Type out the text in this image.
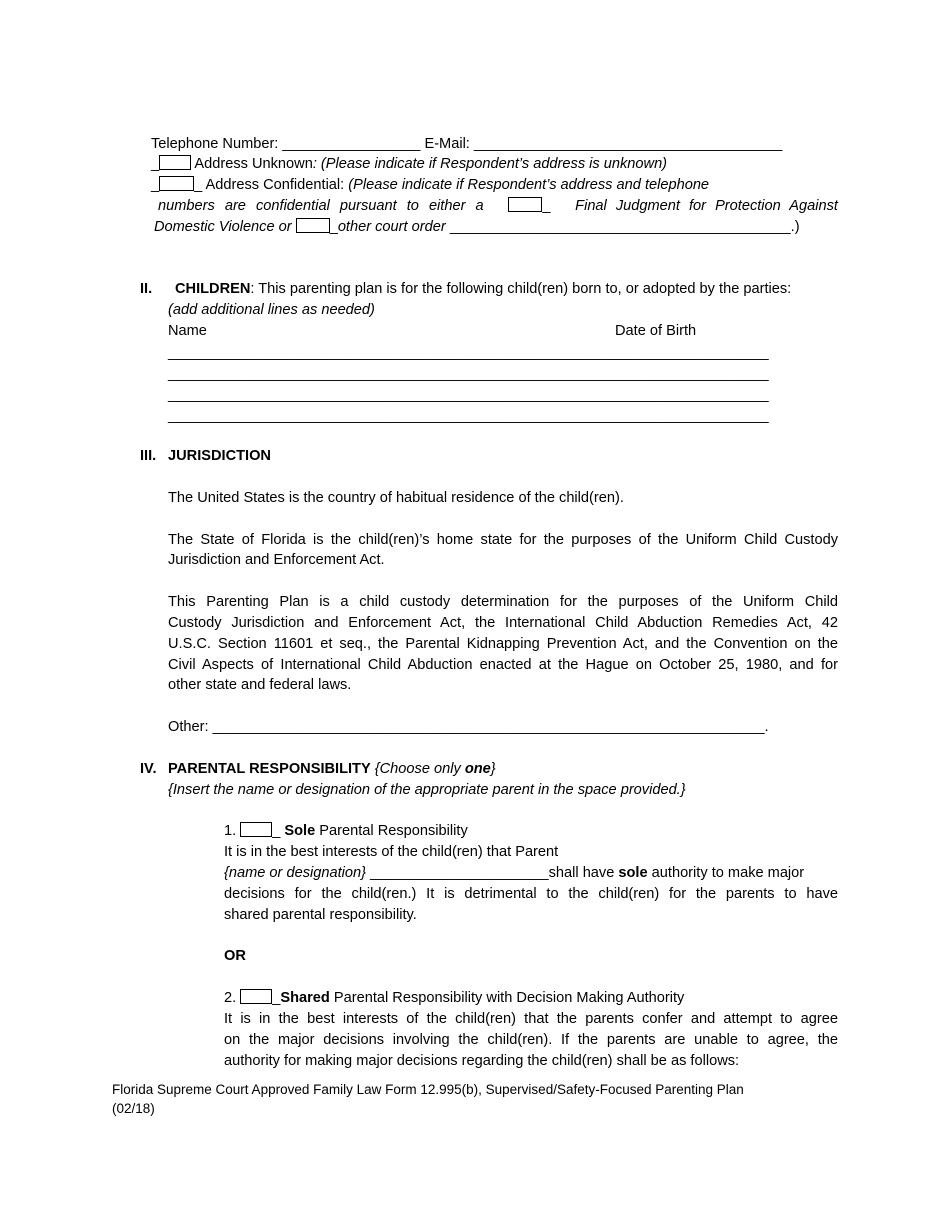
Telephone Number: _________________ E-Mail: ______________________________________
_ Address Unknown: (Please indicate if Respondent’s address is unknown)
_ _ Address Confidential: (Please indicate if Respondent’s address and telephone
numbers are confidential pursuant to either a	_ Final Judgment for Protection Against
Domestic Violence or _other court order __________________________________________.)
II. CHILDREN: This parenting plan is for the following child(ren) born to, or adopted by the parties:
(add additional lines as needed)
Name	Date of Birth
__________________________________________________________________________
__________________________________________________________________________
__________________________________________________________________________
__________________________________________________________________________
III. JURISDICTION
The United States is the country of habitual residence of the child(ren).
The State of Florida is the child(ren)’s home state for the purposes of the Uniform Child Custody
Jurisdiction and Enforcement Act.
This Parenting Plan is a child custody determination for the purposes of the Uniform Child
Custody Jurisdiction and Enforcement Act, the International Child Abduction Remedies Act, 42
U.S.C. Section 11601 et seq., the Parental Kidnapping Prevention Act, and the Convention on the
Civil Aspects of International Child Abduction enacted at the Hague on October 25, 1980, and for
other state and federal laws.
Other: ____________________________________________________________________.
IV. PARENTAL RESPONSIBILITY {Choose only one}
{Insert the name or designation of the appropriate parent in the space provided.}
1. _ Sole Parental Responsibility
It is in the best interests of the child(ren) that Parent
{name or designation} ______________________shall have sole authority to make major
decisions for the child(ren.) It is detrimental to the child(ren) for the parents to have
shared parental responsibility.
OR
2. _Shared Parental Responsibility with Decision Making Authority
It is in the best interests of the child(ren) that the parents confer and attempt to agree
on the major decisions involving the child(ren). If the parents are unable to agree, the
authority for making major decisions regarding the child(ren) shall be as follows:
Florida Supreme Court Approved Family Law Form 12.995(b), Supervised/Safety-Focused Parenting Plan
(02/18)
